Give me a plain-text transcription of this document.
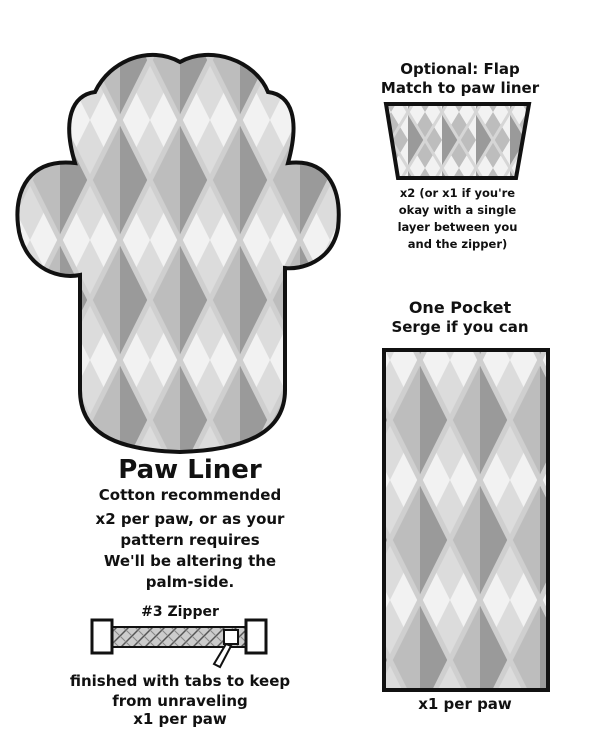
Paw Liner
Cotton recommended
x2 per paw, or as your
pattern requires
We'll be altering the
palm-side.
#3 Zipper
finished with tabs to keep
from unraveling
x1 per paw
Optional: Flap
Match to paw liner
x2 (or x1 if you're
okay with a single
layer between you
and the zipper)
One Pocket
Serge if you can
x1 per paw
